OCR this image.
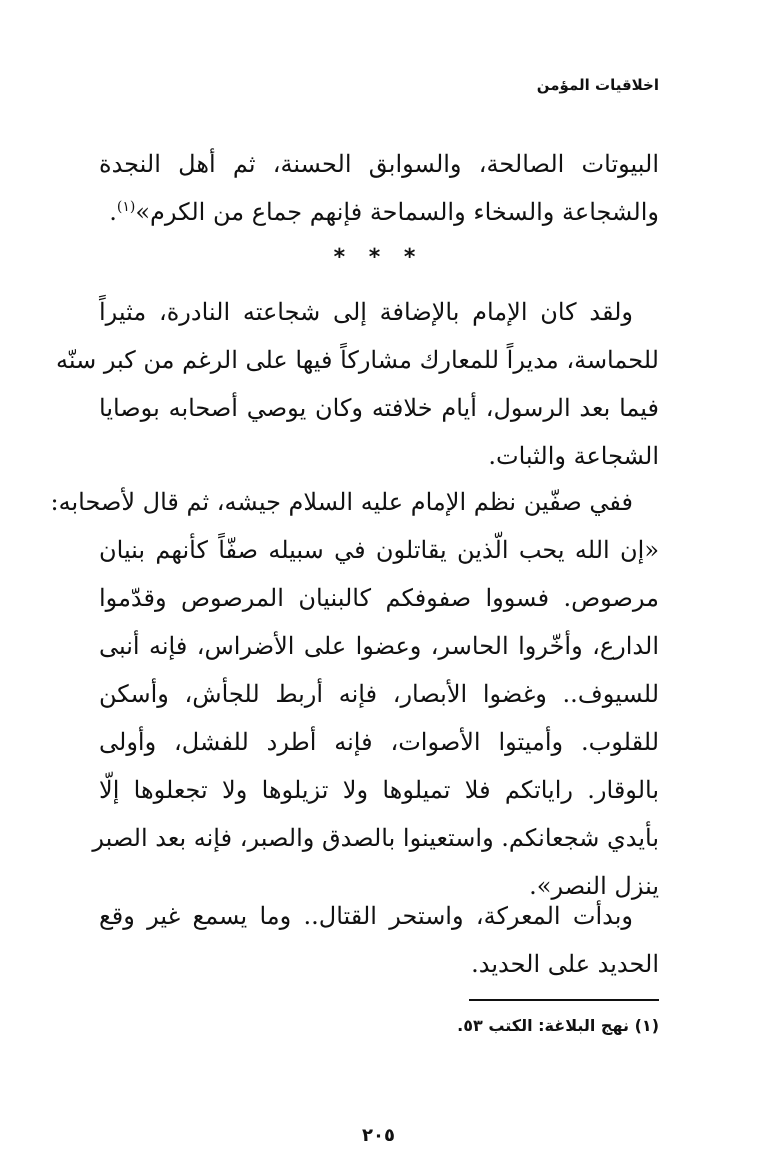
اخلاقيات المؤمن
البيوتات الصالحة، والسوابق الحسنة، ثم أهل النجدة
والشجاعة والسخاء والسماحة فإنهم جماع من الكرم»$^{(١)}$.
* * *
ولقد كان الإمام بالإضافة إلى شجاعته النادرة، مثيراً
للحماسة، مديراً للمعارك مشاركاً فيها على الرغم من كبر سنّه
فيما بعد الرسول، أيام خلافته وكان يوصي أصحابه بوصايا
الشجاعة والثبات.
ففي صفّين نظم الإمام عليه السلام جيشه، ثم قال لأصحابه:
«إن الله يحب الّذين يقاتلون في سبيله صفّاً كأنهم بنيان
مرصوص. فسووا صفوفكم كالبنيان المرصوص وقدّموا
الدارع، وأخّروا الحاسر، وعضوا على الأضراس، فإنه أنبى
للسيوف.. وغضوا الأبصار، فإنه أربط للجأش، وأسكن
للقلوب. وأميتوا الأصوات، فإنه أطرد للفشل، وأولى
بالوقار. راياتكم فلا تميلوها ولا تزيلوها ولا تجعلوها إلّا
بأيدي شجعانكم. واستعينوا بالصدق والصبر، فإنه بعد الصبر
ينزل النصر».
وبدأت المعركة، واستحر القتال.. وما يسمع غير وقع
الحديد على الحديد.
(١) نهج البلاغة: الكتب ٥٣.
٢٠٥
